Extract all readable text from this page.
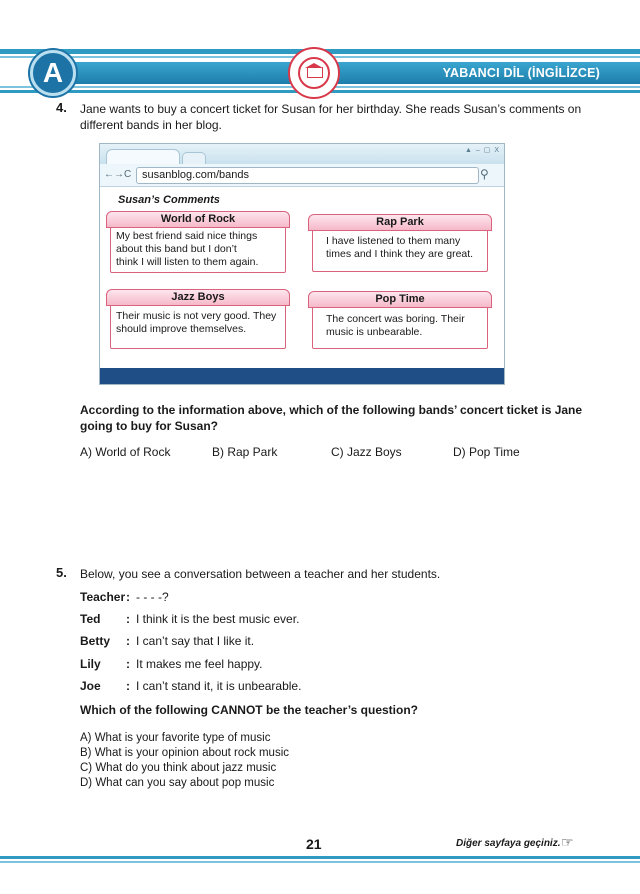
A	YABANCI DİL (İNGİLİZCE)
4. Jane wants to buy a concert ticket for Susan for her birthday. She reads Susan’s comments on
different bands in her blog.
▲ – ▢ X
←→C susanblog.com/bands	⚲
Susan’s Comments
World of Rock
My best friend said nice things
about this band but I don’t
think I will listen to them again.
Rap Park
I have listened to them many
times and I think they are great.
Jazz Boys
Their music is not very good. They
should improve themselves.
Pop Time
The concert was boring. Their
music is unbearable.
According to the information above, which of the following bands’ concert ticket is Jane
going to buy for Susan?
A) World of Rock	B) Rap Park	C) Jazz Boys	D) Pop Time
5. Below, you see a conversation between a teacher and her students.
Teacher : - - - -?
Ted : I think it is the best music ever.
Betty : I can’t say that I like it.
Lily : It makes me feel happy.
Joe : I can’t stand it, it is unbearable.
Which of the following CANNOT be the teacher’s question?
A) What is your favorite type of music
B) What is your opinion about rock music
C) What do you think about jazz music
D) What can you say about pop music
21	Diğer sayfaya geçiniz. ☞
